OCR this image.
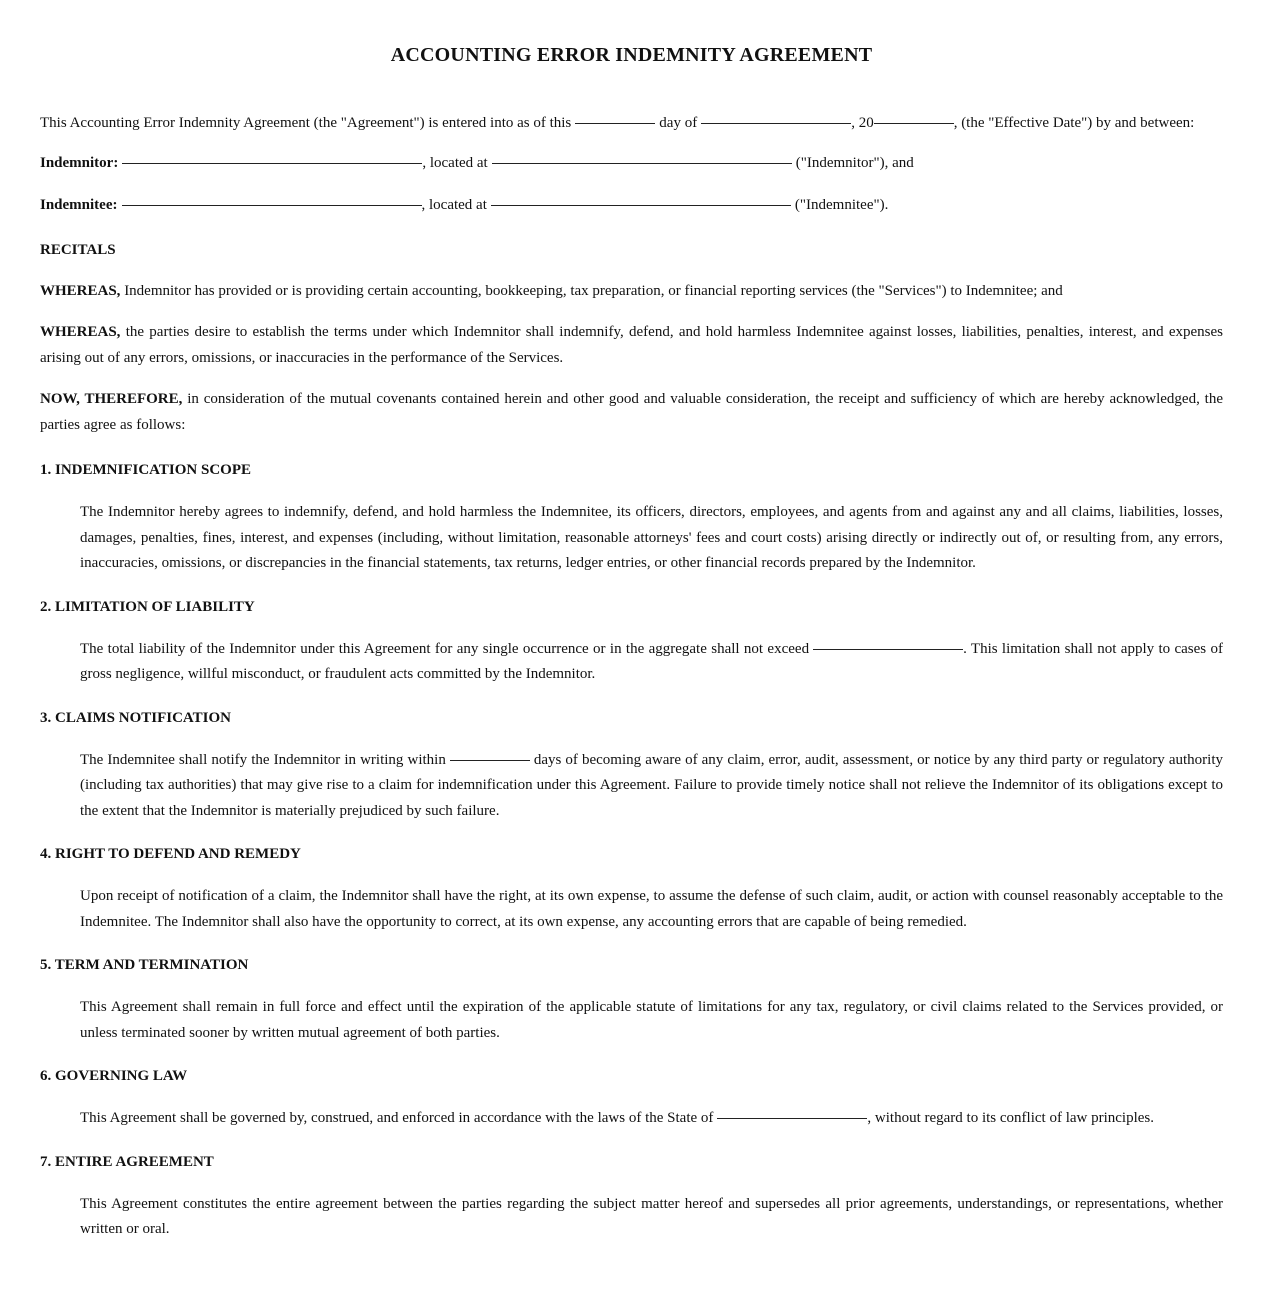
ACCOUNTING ERROR INDEMNITY AGREEMENT

This Accounting Error Indemnity Agreement (the "Agreement") is entered into as of this	day of	, 20	, (the "Effective Date") by and between:

Indemnitor:	, located at	("Indemnitor"), and

Indemnitee:	, located at	("Indemnitee").

RECITALS

WHEREAS, Indemnitor has provided or is providing certain accounting, bookkeeping, tax preparation, or financial reporting services (the "Services") to Indemnitee; and

WHEREAS, the parties desire to establish the terms under which Indemnitor shall indemnify, defend, and hold harmless Indemnitee against losses, liabilities, penalties, interest, and expenses arising out of any errors, omissions, or inaccuracies in the performance of the Services.

NOW, THEREFORE, in consideration of the mutual covenants contained herein and other good and valuable consideration, the receipt and sufficiency of which are hereby acknowledged, the parties agree as follows:

1. INDEMNIFICATION SCOPE

The Indemnitor hereby agrees to indemnify, defend, and hold harmless the Indemnitee, its officers, directors, employees, and agents from and against any and all claims, liabilities, losses, damages, penalties, fines, interest, and expenses (including, without limitation, reasonable attorneys' fees and court costs) arising directly or indirectly out of, or resulting from, any errors, inaccuracies, omissions, or discrepancies in the financial statements, tax returns, ledger entries, or other financial records prepared by the Indemnitor.

2. LIMITATION OF LIABILITY

The total liability of the Indemnitor under this Agreement for any single occurrence or in the aggregate shall not exceed	. This limitation shall not apply to cases of gross negligence, willful misconduct, or fraudulent acts committed by the Indemnitor.

3. CLAIMS NOTIFICATION

The Indemnitee shall notify the Indemnitor in writing within	days of becoming aware of any claim, error, audit, assessment, or notice by any third party or regulatory authority (including tax authorities) that may give rise to a claim for indemnification under this Agreement. Failure to provide timely notice shall not relieve the Indemnitor of its obligations except to the extent that the Indemnitor is materially prejudiced by such failure.

4. RIGHT TO DEFEND AND REMEDY

Upon receipt of notification of a claim, the Indemnitor shall have the right, at its own expense, to assume the defense of such claim, audit, or action with counsel reasonably acceptable to the Indemnitee. The Indemnitor shall also have the opportunity to correct, at its own expense, any accounting errors that are capable of being remedied.

5. TERM AND TERMINATION

This Agreement shall remain in full force and effect until the expiration of the applicable statute of limitations for any tax, regulatory, or civil claims related to the Services provided, or unless terminated sooner by written mutual agreement of both parties.

6. GOVERNING LAW

This Agreement shall be governed by, construed, and enforced in accordance with the laws of the State of	, without regard to its conflict of law principles.

7. ENTIRE AGREEMENT

This Agreement constitutes the entire agreement between the parties regarding the subject matter hereof and supersedes all prior agreements, understandings, or representations, whether written or oral.
